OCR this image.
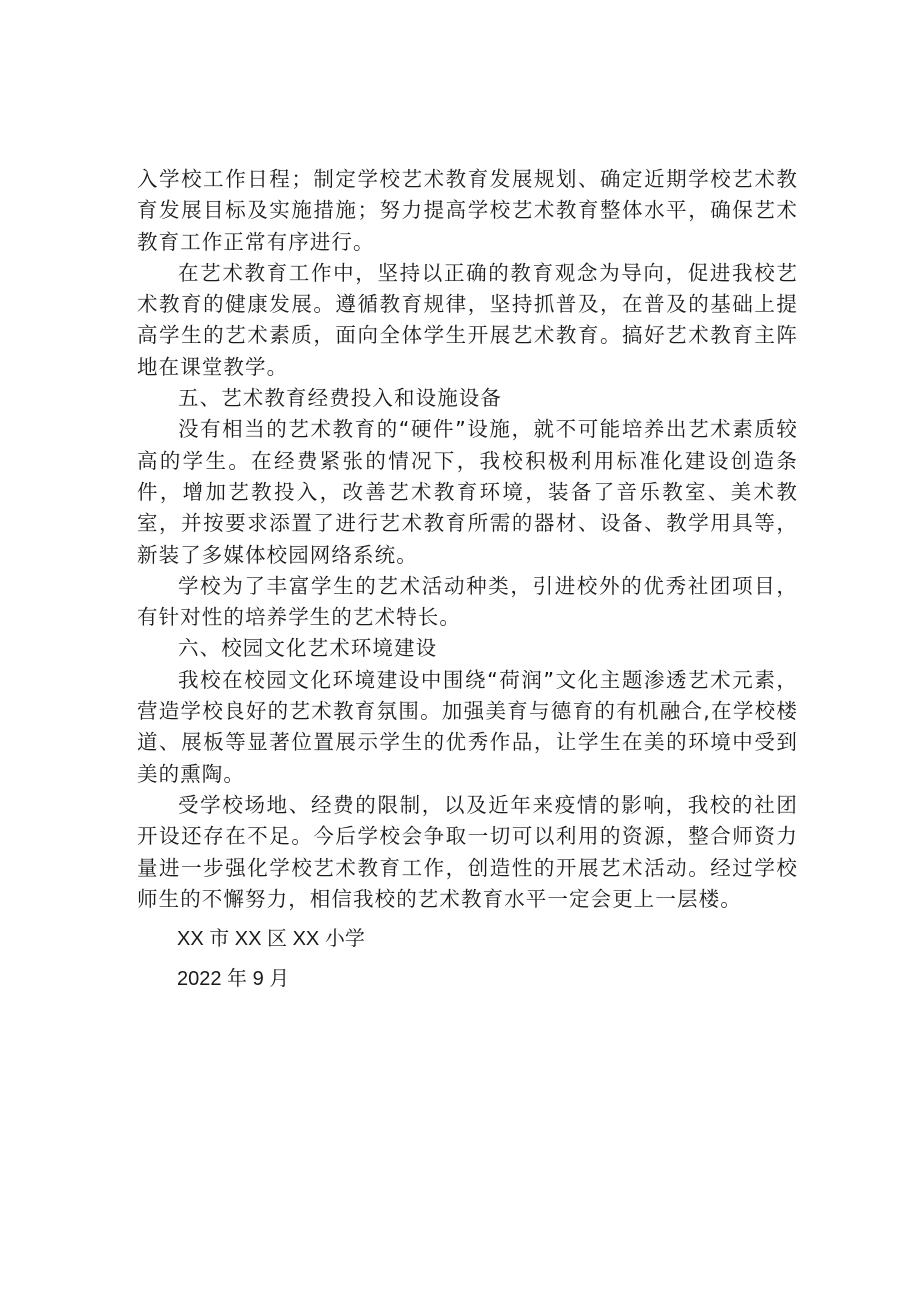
入学校工作日程；制定学校艺术教育发展规划、确定近期学校艺术教育发展目标及实施措施；努力提高学校艺术教育整体水平，确保艺术教育工作正常有序进行。

在艺术教育工作中，坚持以正确的教育观念为导向，促进我校艺术教育的健康发展。遵循教育规律，坚持抓普及，在普及的基础上提高学生的艺术素质，面向全体学生开展艺术教育。搞好艺术教育主阵地在课堂教学。

五、艺术教育经费投入和设施设备

没有相当的艺术教育的“硬件”设施，就不可能培养出艺术素质较高的学生。在经费紧张的情况下，我校积极利用标准化建设创造条件，增加艺教投入，改善艺术教育环境，装备了音乐教室、美术教室，并按要求添置了进行艺术教育所需的器材、设备、教学用具等，新装了多媒体校园网络系统。

学校为了丰富学生的艺术活动种类，引进校外的优秀社团项目，有针对性的培养学生的艺术特长。

六、校园文化艺术环境建设

我校在校园文化环境建设中围绕“荷润”文化主题渗透艺术元素，营造学校良好的艺术教育氛围。加强美育与德育的有机融合,在学校楼道、展板等显著位置展示学生的优秀作品，让学生在美的环境中受到美的熏陶。

受学校场地、经费的限制，以及近年来疫情的影响，我校的社团开设还存在不足。今后学校会争取一切可以利用的资源，整合师资力量进一步强化学校艺术教育工作，创造性的开展艺术活动。经过学校师生的不懈努力，相信我校的艺术教育水平一定会更上一层楼。

XX 市 XX 区 XX 小学

2022 年 9 月
